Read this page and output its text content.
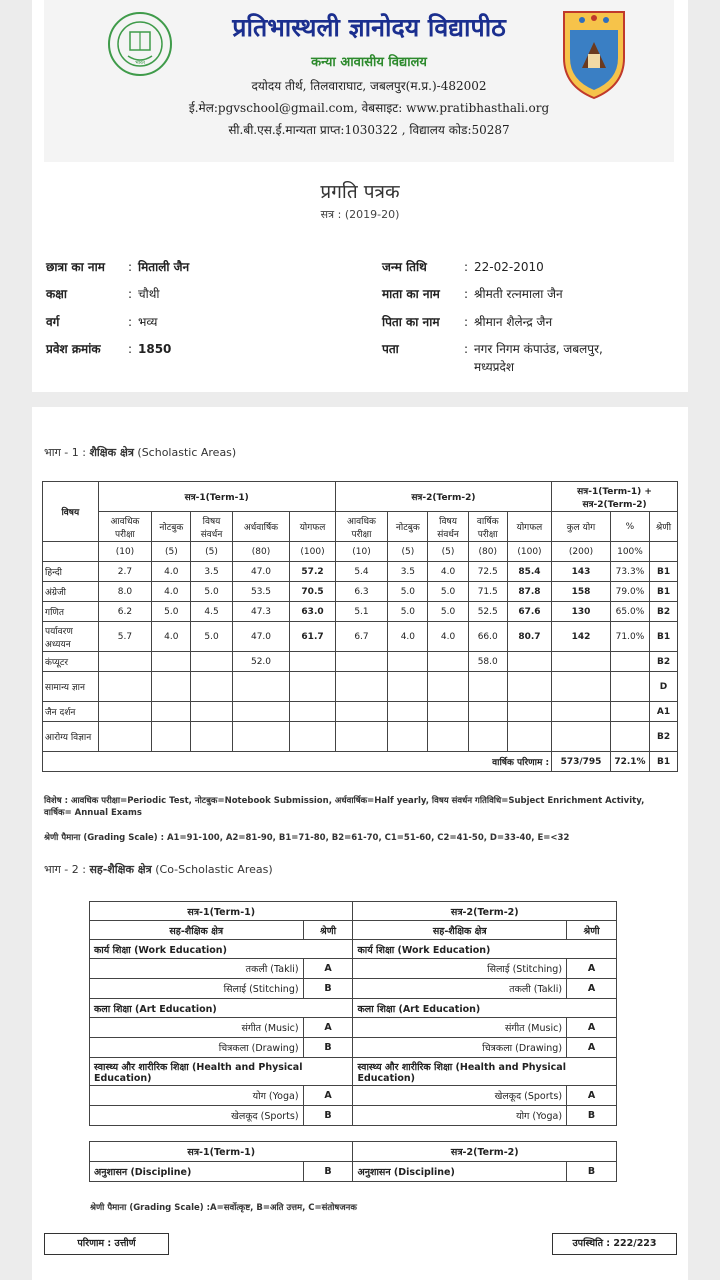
भारत
प्रतिभास्थली ज्ञानोदय विद्यापीठ
कन्या आवासीय विद्यालय
दयोदय तीर्थ, तिलवाराघाट, जबलपुर(म.प्र.)-482002
ई.मेल:pgvschool@gmail.com, वेबसाइट: www.pratibhasthali.org
सी.बी.एस.ई.मान्यता प्राप्त:1030322 , विद्यालय कोड:50287
प्रगति पत्रक
सत्र : (2019-20)
छात्रा का नाम : मिताली जैन
कक्षा	: चौथी
वर्ग	: भव्य
प्रवेश क्रमांक : 1850
जन्म तिथि	: 22-02-2010
माता का नाम : श्रीमती रत्नमाला जैन
पिता का नाम : श्रीमान शैलेन्द्र जैन
पता	: नगर निगम कंपाउंड, जबलपुर,
मध्यप्रदेश
भाग - 1 : शैक्षिक क्षेत्र (Scholastic Areas)
विषय	सत्र-1(Term-1)					सत्र-2(Term-2)					सत्र-1(Term-1) +
सत्र-2(Term-2)		
	आवधिक परीक्षा	नोटबुक	विषय संवर्धन	अर्धवार्षिक	योगफल	आवधिक परीक्षा	नोटबुक	विषय संवर्धन	वार्षिक परीक्षा	योगफल	कुल योग	%	श्रेणी
	(10)	(5)	(5)	(80)	(100)	(10)	(5)	(5)	(80)	(100)	(200)	100%	
हिन्दी	2.7	4.0	3.5	47.0	57.2	5.4	3.5	4.0	72.5	85.4	143	73.3%	B1
अंग्रेजी	8.0	4.0	5.0	53.5	70.5	6.3	5.0	5.0	71.5	87.8	158	79.0%	B1
गणित	6.2	5.0	4.5	47.3	63.0	5.1	5.0	5.0	52.5	67.6	130	65.0%	B2
पर्यावरण अध्ययन	5.7	4.0	5.0	47.0	61.7	6.7	4.0	4.0	66.0	80.7	142	71.0%	B1
कंप्यूटर				52.0					58.0				B2
सामान्य ज्ञान													D
जैन दर्शन													A1
आरोग्य विज्ञान													B2
वार्षिक परिणाम :											573/795	72.1%	B1
विशेष : आवधिक परीक्षा=Periodic Test, नोटबुक=Notebook Submission, अर्धवार्षिक=Half yearly, विषय संवर्धन गतिविधि=Subject Enrichment Activity, वार्षिक= Annual Exams
श्रेणी पैमाना (Grading Scale) : A1=91-100, A2=81-90, B1=71-80, B2=61-70, C1=51-60, C2=41-50, D=33-40, E=<32
भाग - 2 : सह-शैक्षिक क्षेत्र (Co-Scholastic Areas)
सत्र-1(Term-1)		सत्र-2(Term-2)	
सह-शैक्षिक क्षेत्र	श्रेणी	सह-शैक्षिक क्षेत्र	श्रेणी
कार्य शिक्षा (Work Education)		कार्य शिक्षा (Work Education)	
तकली (Takli)	A	सिलाई (Stitching)	A
सिलाई (Stitching)	B	तकली (Takli)	A
कला शिक्षा (Art Education)		कला शिक्षा (Art Education)	
संगीत (Music)	A	संगीत (Music)	A
चित्रकला (Drawing)	B	चित्रकला (Drawing)	A
स्वास्थ्य और शारीरिक शिक्षा (Health and Physical Education)		स्वास्थ्य और शारीरिक शिक्षा (Health and Physical Education)	
योग (Yoga)	A	खेलकूद (Sports)	A
खेलकूद (Sports)	B	योग (Yoga)	B
सत्र-1(Term-1)		सत्र-2(Term-2)	
अनुशासन (Discipline)	B	अनुशासन (Discipline)	B
श्रेणी पैमाना (Grading Scale) :A=सर्वोत्कृष्ट, B=अति उत्तम, C=संतोषजनक
परिणाम : उत्तीर्ण	उपस्थिति : 222/223
